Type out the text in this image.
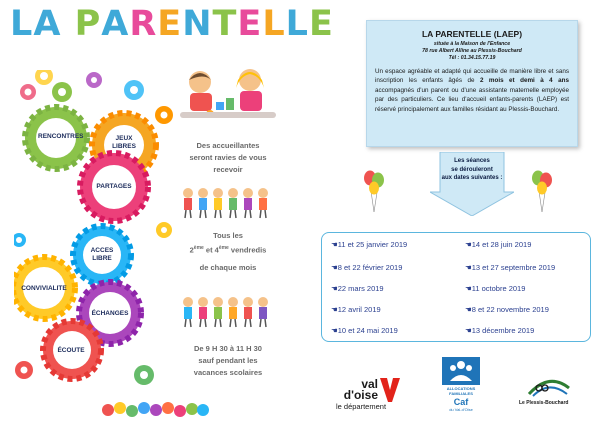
LA PARENTELLE
RENCONTRES	JEUX LIBRES
PARTAGES
ACCES LIBRE
CONVIVIALITE
ÉCHANGES
ÉCOUTE
Des accueillantes
seront ravies de vous
recevoir
Tous les
2ème et 4ème vendredis
de chaque mois
De 9 H 30 à 11 H 30
sauf pendant les
vacances scolaires
LA PARENTELLE (LAEP)
située à la Maison de l'Enfance
78 rue Albert Alline au Plessis-Bouchard
Tél : 01.34.15.77.19
Un espace agréable et adapté qui accueille de manière libre et sans inscription les enfants âgés de 2 mois et demi à 4 ans accompagnés d'un parent ou d'une assistante maternelle employée par des particuliers. Ce lieu d'accueil enfants-parents (LAEP) est réservé principalement aux familles résidant au Plessis-Bouchard.
Les séances
se dérouleront
aux dates suivantes :
☚11 et 25 janvier 2019
☚8 et 22 février 2019
☚22 mars 2019
☚12 avril 2019
☚10 et 24 mai 2019
☚14 et 28 juin 2019
☚13 et 27 septembre 2019
☚11 octobre 2019
☚8 et 22 novembre 2019
☚13 décembre 2019
val
d'oise
le département
ALLOCATIONS
FAMILIALES
Caf
du Val-d'Oise
Le Plessis-Bouchard
